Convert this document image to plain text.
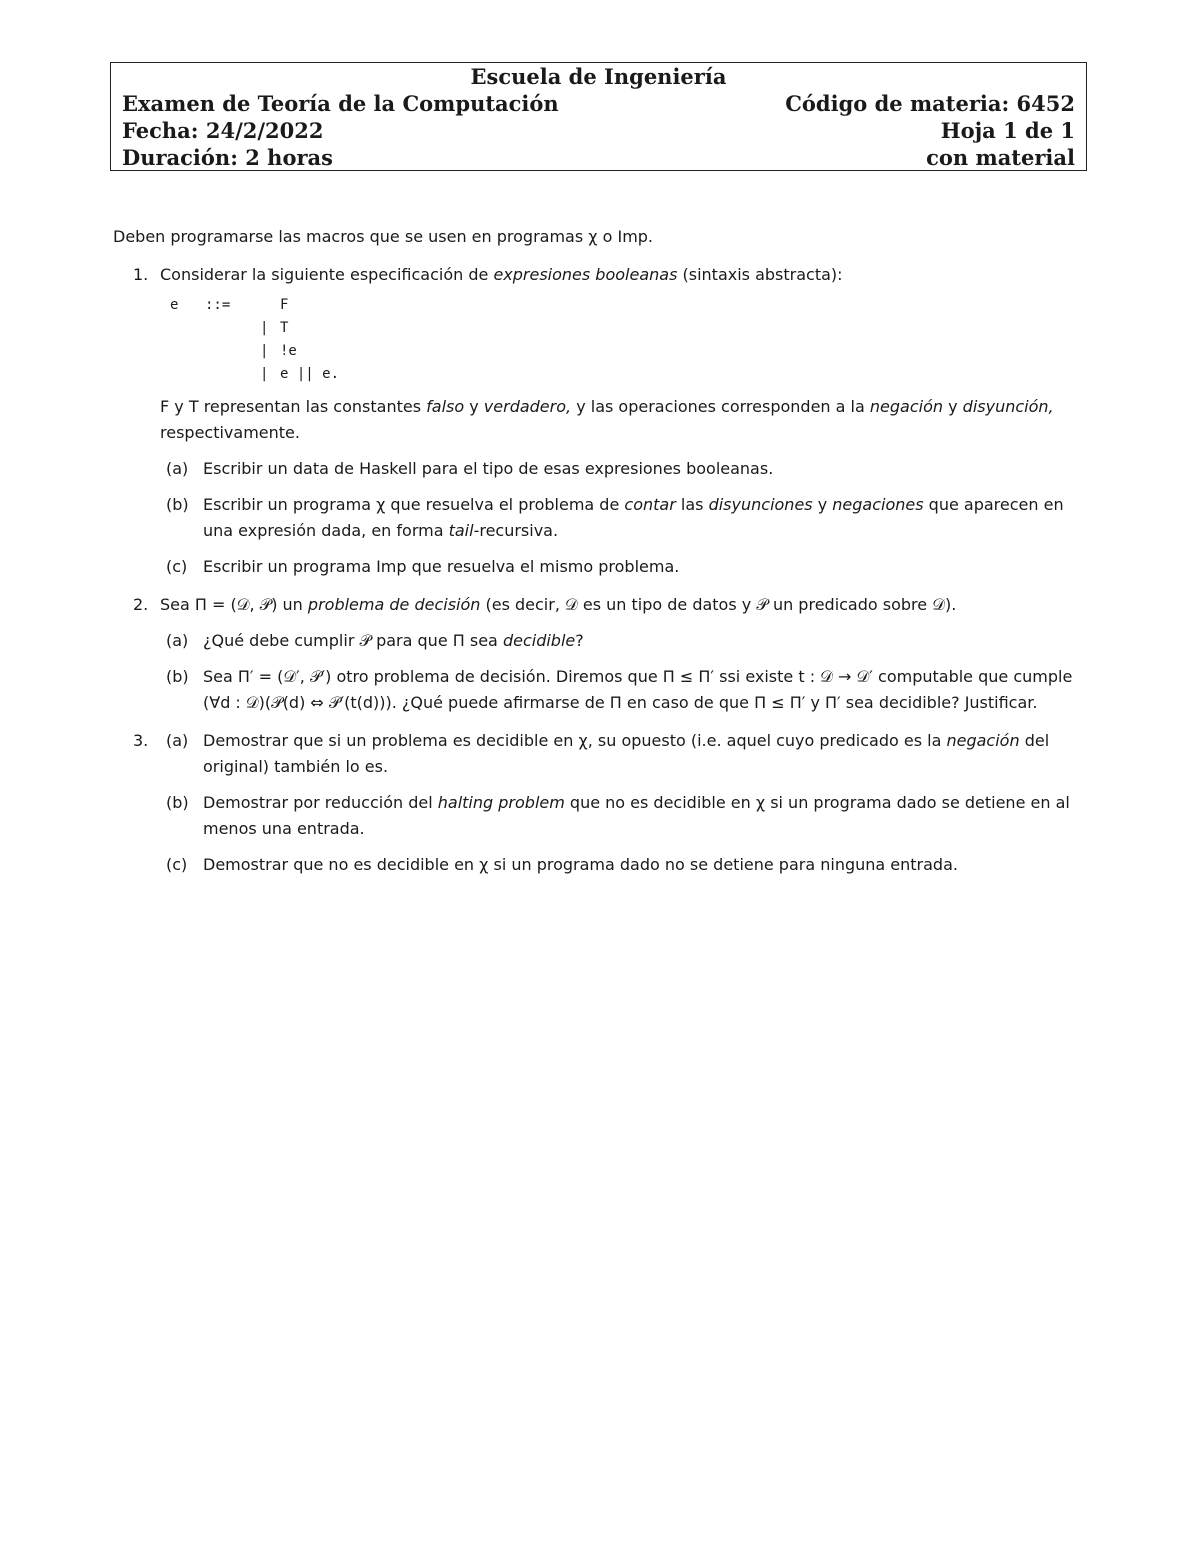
Escuela de Ingeniería
Examen de Teoría de la Computación	Código de materia: 6452
Fecha: 24/2/2022	Hoja 1 de 1
Duración: 2 horas	con material

Deben programarse las macros que se usen en programas χ o Imp.

1. Considerar la siguiente especificación de expresiones booleanas (sintaxis abstracta):
e	::=	F
| T
| !e
| e || e.
F y T representan las constantes falso y verdadero, y las operaciones corresponden a la negación y disyunción, respectivamente.
(a) Escribir un data de Haskell para el tipo de esas expresiones booleanas.
(b) Escribir un programa χ que resuelva el problema de contar las disyunciones y negaciones que aparecen en una expresión dada, en forma tail-recursiva.
(c) Escribir un programa Imp que resuelva el mismo problema.
2. Sea Π = (𝒟, 𝒫) un problema de decisión (es decir, 𝒟 es un tipo de datos y 𝒫 un predicado sobre 𝒟).
(a) ¿Qué debe cumplir 𝒫 para que Π sea decidible?
(b) Sea Π′ = (𝒟′, 𝒫′) otro problema de decisión. Diremos que Π ≤ Π′ ssi existe t : 𝒟 → 𝒟′ computable que cumple (∀d : 𝒟)(𝒫(d) ⇔ 𝒫′(t(d))). ¿Qué puede afirmarse de Π en caso de que Π ≤ Π′ y Π′ sea decidible? Justificar.
3. (a) Demostrar que si un problema es decidible en χ, su opuesto (i.e. aquel cuyo predicado es la negación del original) también lo es.
(b) Demostrar por reducción del halting problem que no es decidible en χ si un programa dado se detiene en al menos una entrada.
(c) Demostrar que no es decidible en χ si un programa dado no se detiene para ninguna entrada.
